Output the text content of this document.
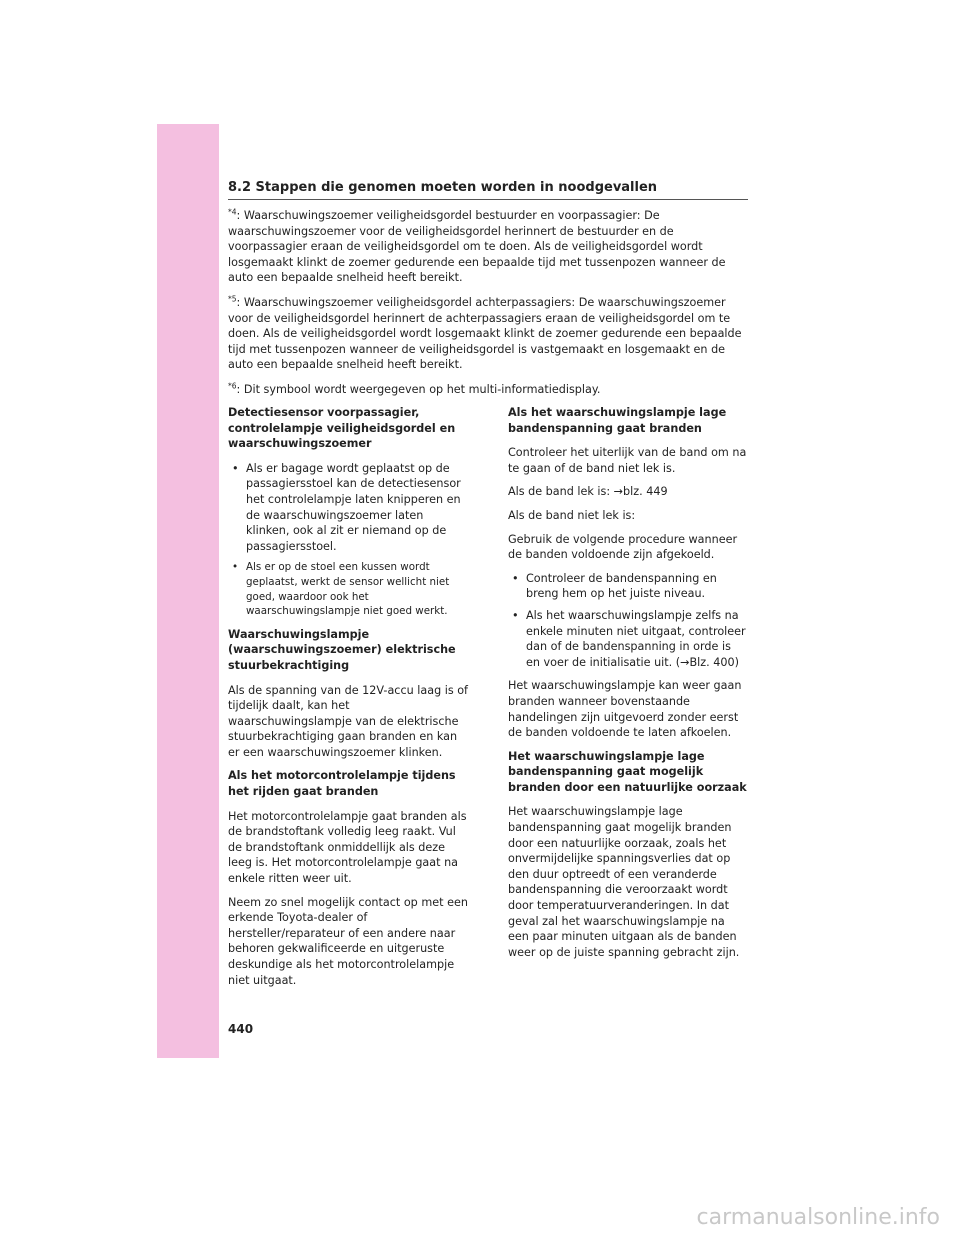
8.2 Stappen die genomen moeten worden in noodgevallen

$^{*4}$: Waarschuwingszoemer veiligheidsgordel bestuurder en voorpassagier: De waarschuwingszoemer voor de veiligheidsgordel herinnert de bestuurder en de voorpassagier eraan de veiligheidsgordel om te doen. Als de veiligheidsgordel wordt losgemaakt klinkt de zoemer gedurende een bepaalde tijd met tussenpozen wanneer de auto een bepaalde snelheid heeft bereikt.

$^{*5}$: Waarschuwingszoemer veiligheidsgordel achterpassagiers: De waarschuwingszoemer voor de veiligheidsgordel herinnert de achterpassagiers eraan de veiligheidsgordel om te doen. Als de veiligheidsgordel wordt losgemaakt klinkt de zoemer gedurende een bepaalde tijd met tussenpozen wanneer de veiligheidsgordel is vastgemaakt en losgemaakt en de auto een bepaalde snelheid heeft bereikt.

$^{*6}$: Dit symbool wordt weergegeven op het multi-informatiedisplay.

Detectiesensor voorpassagier, controlelampje veiligheidsgordel en waarschuwingszoemer
• Als er bagage wordt geplaatst op de passagiersstoel kan de detectiesensor het controlelampje laten knipperen en de waarschuwingszoemer laten klinken, ook al zit er niemand op de passagiersstoel.
• Als er op de stoel een kussen wordt geplaatst, werkt de sensor wellicht niet goed, waardoor ook het waarschuwingslampje niet goed werkt.
Waarschuwingslampje (waarschuwingszoemer) elektrische stuurbekrachtiging

Als de spanning van de 12V-accu laag is of tijdelijk daalt, kan het waarschuwingslampje van de elektrische stuurbekrachtiging gaan branden en kan er een waarschuwingszoemer klinken.

Als het motorcontrolelampje tijdens het rijden gaat branden

Het motorcontrolelampje gaat branden als de brandstoftank volledig leeg raakt. Vul de brandstoftank onmiddellijk als deze leeg is. Het motorcontrolelampje gaat na enkele ritten weer uit.

Neem zo snel mogelijk contact op met een erkende Toyota-dealer of hersteller/reparateur of een andere naar behoren gekwalificeerde en uitgeruste deskundige als het motorcontrolelampje niet uitgaat.

Als het waarschuwingslampje lage bandenspanning gaat branden

Controleer het uiterlijk van de band om na te gaan of de band niet lek is.

Als de band lek is: →blz. 449

Als de band niet lek is:

Gebruik de volgende procedure wanneer de banden voldoende zijn afgekoeld.

• Controleer de bandenspanning en breng hem op het juiste niveau.
• Als het waarschuwingslampje zelfs na enkele minuten niet uitgaat, controleer dan of de bandenspanning in orde is en voer de initialisatie uit. (→Blz. 400)

Het waarschuwingslampje kan weer gaan branden wanneer bovenstaande handelingen zijn uitgevoerd zonder eerst de banden voldoende te laten afkoelen.

Het waarschuwingslampje lage bandenspanning gaat mogelijk branden door een natuurlijke oorzaak

Het waarschuwingslampje lage bandenspanning gaat mogelijk branden door een natuurlijke oorzaak, zoals het onvermijdelijke spanningsverlies dat op den duur optreedt of een veranderde bandenspanning die veroorzaakt wordt door temperatuurveranderingen. In dat geval zal het waarschuwingslampje na een paar minuten uitgaan als de banden weer op de juiste spanning gebracht zijn.

440
carmanualsonline.info
